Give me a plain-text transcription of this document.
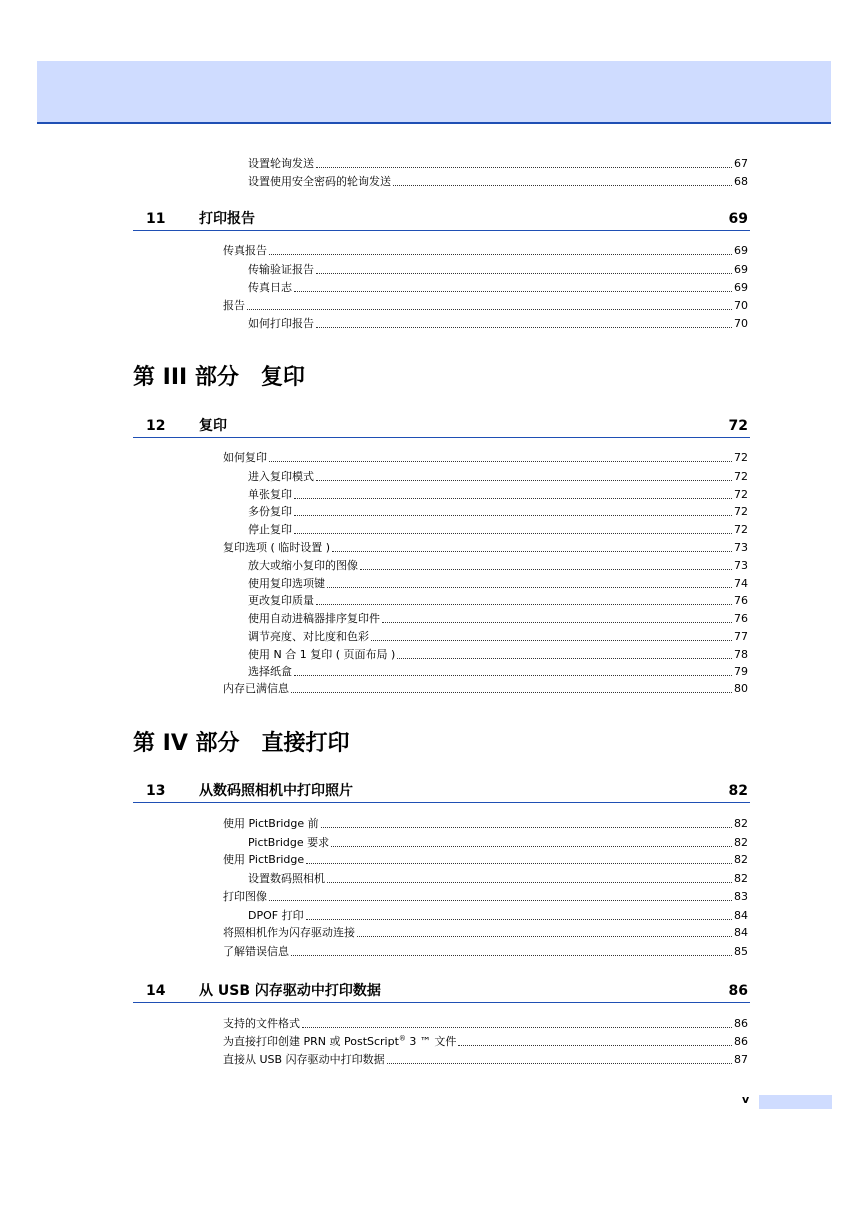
设置轮询发送	67
设置使用安全密码的轮询发送	68
11 打印报告	69
传真报告	69
传输验证报告	69
传真日志	69
报告	70
如何打印报告	70
第 III 部分 复印
12 复印	72
如何复印	72
进入复印模式	72
单张复印	72
多份复印	72
停止复印	72
复印选项 ( 临时设置 )	73
放大或缩小复印的图像	73
使用复印选项键	74
更改复印质量	76
使用自动进稿器排序复印件	76
调节亮度、对比度和色彩	77
使用 N 合 1 复印 ( 页面布局 )	78
选择纸盒	79
内存已满信息	80
第 IV 部分 直接打印
13 从数码照相机中打印照片	82
使用 PictBridge 前	82
PictBridge 要求	82
使用 PictBridge	82
设置数码照相机	82
打印图像	83
DPOF 打印	84
将照相机作为闪存驱动连接	84
了解错误信息	85
14 从 USB 闪存驱动中打印数据	86
支持的文件格式	86
为直接打印创建 PRN 或 PostScript® 3 ™ 文件	86
直接从 USB 闪存驱动中打印数据	87
v
